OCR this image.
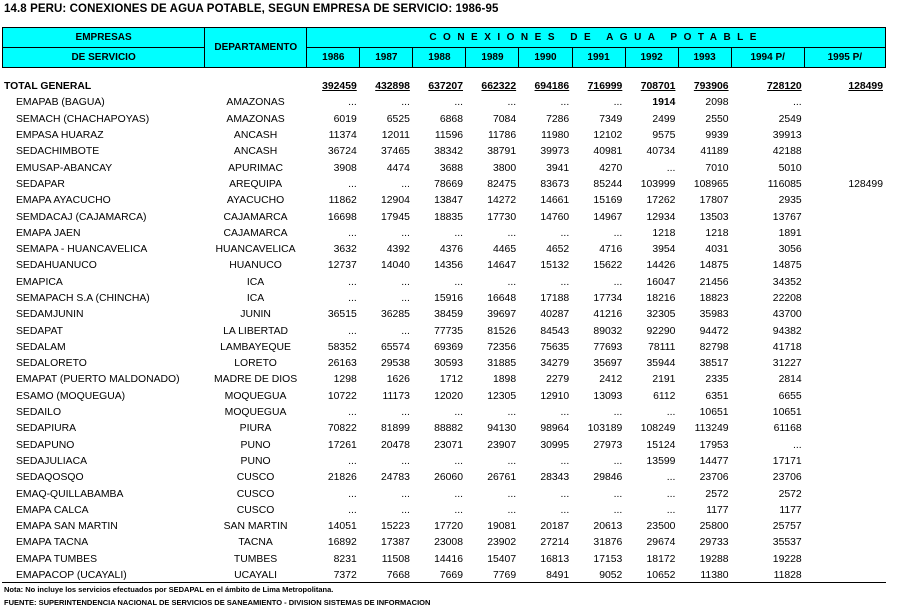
14.8 PERU: CONEXIONES DE AGUA POTABLE, SEGUN EMPRESA DE SERVICIO: 1986-95
EMPRESAS	DEPARTAMENTO	CONEXIONES DE AGUA POTABLE									
DE SERVICIO		1986	1987	1988	1989	1990	1991	1992	1993	1994 P/	1995 P/
TOTAL GENERAL		392459	432898	637207	662322	694186	716999	708701	793906	728120	128499
EMAPAB (BAGUA)	AMAZONAS	...	...	...	...	...	...	1914	2098	...	
SEMACH (CHACHAPOYAS)	AMAZONAS	6019	6525	6868	7084	7286	7349	2499	2550	2549	
EMPASA HUARAZ	ANCASH	11374	12011	11596	11786	11980	12102	9575	9939	39913	
SEDACHIMBOTE	ANCASH	36724	37465	38342	38791	39973	40981	40734	41189	42188	
EMUSAP-ABANCAY	APURIMAC	3908	4474	3688	3800	3941	4270	...	7010	5010	
SEDAPAR	AREQUIPA	...	...	78669	82475	83673	85244	103999	108965	116085	128499
EMAPA AYACUCHO	AYACUCHO	11862	12904	13847	14272	14661	15169	17262	17807	2935	
SEMDACAJ (CAJAMARCA)	CAJAMARCA	16698	17945	18835	17730	14760	14967	12934	13503	13767	
EMAPA JAEN	CAJAMARCA	...	...	...	...	...	...	1218	1218	1891	
SEMAPA - HUANCAVELICA	HUANCAVELICA	3632	4392	4376	4465	4652	4716	3954	4031	3056	
SEDAHUANUCO	HUANUCO	12737	14040	14356	14647	15132	15622	14426	14875	14875	
EMAPICA	ICA	...	...	...	...	...	...	16047	21456	34352	
SEMAPACH S.A (CHINCHA)	ICA	...	...	15916	16648	17188	17734	18216	18823	22208	
SEDAMJUNIN	JUNIN	36515	36285	38459	39697	40287	41216	32305	35983	43700	
SEDAPAT	LA LIBERTAD	...	...	77735	81526	84543	89032	92290	94472	94382	
SEDALAM	LAMBAYEQUE	58352	65574	69369	72356	75635	77693	78111	82798	41718	
SEDALORETO	LORETO	26163	29538	30593	31885	34279	35697	35944	38517	31227	
EMAPAT (PUERTO MALDONADO)	MADRE DE DIOS	1298	1626	1712	1898	2279	2412	2191	2335	2814	
ESAMO (MOQUEGUA)	MOQUEGUA	10722	11173	12020	12305	12910	13093	6112	6351	6655	
SEDAILO	MOQUEGUA	...	...	...	...	...	...	...	10651	10651	
SEDAPIURA	PIURA	70822	81899	88882	94130	98964	103189	108249	113249	61168	
SEDAPUNO	PUNO	17261	20478	23071	23907	30995	27973	15124	17953	...	
SEDAJULIACA	PUNO	...	...	...	...	...	...	13599	14477	17171	
SEDAQOSQO	CUSCO	21826	24783	26060	26761	28343	29846	...	23706	23706	
EMAQ-QUILLABAMBA	CUSCO	...	...	...	...	...	...	...	2572	2572	
EMAPA CALCA	CUSCO	...	...	...	...	...	...	...	1177	1177	
EMAPA SAN MARTIN	SAN MARTIN	14051	15223	17720	19081	20187	20613	23500	25800	25757	
EMAPA TACNA	TACNA	16892	17387	23008	23902	27214	31876	29674	29733	35537	
EMAPA TUMBES	TUMBES	8231	11508	14416	15407	16813	17153	18172	19288	19228	
EMAPACOP (UCAYALI)	UCAYALI	7372	7668	7669	7769	8491	9052	10652	11380	11828	
Nota: No incluye los servicios efectuados por SEDAPAL en el ámbito de Lima Metropolitana.
FUENTE: SUPERINTENDENCIA NACIONAL DE SERVICIOS DE SANEAMIENTO - DIVISION SISTEMAS DE INFORMACION
